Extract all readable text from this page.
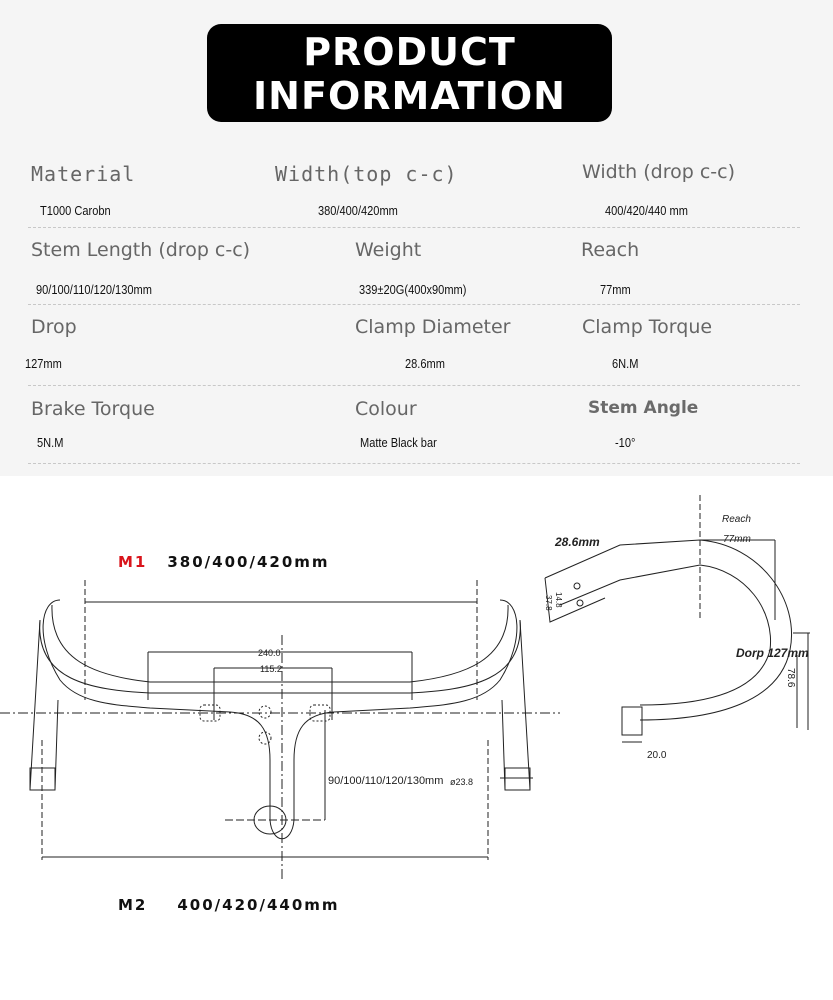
PRODUCT
INFORMATION
Material	Width(top c-c)	Width (drop c-c)
T1000 Carobn	380/400/420mm	400/420/440 mm
Stem Length (drop c-c)	Weight	Reach
90/100/110/120/130mm	339±20G(400x90mm)	77mm
Drop	Clamp Diameter	Clamp Torque
127mm	28.6mm	6N.M
Brake Torque	Colour	Stem Angle
5N.M	Matte Black bar	-10°
M1 380/400/420mm
M2 400/420/440mm
240.0
115.2
90/100/110/120/130mm ø23.8
28.6mm
Reach
77mm
Dorp 127mm
20.0
78.6
14.8
37.8
